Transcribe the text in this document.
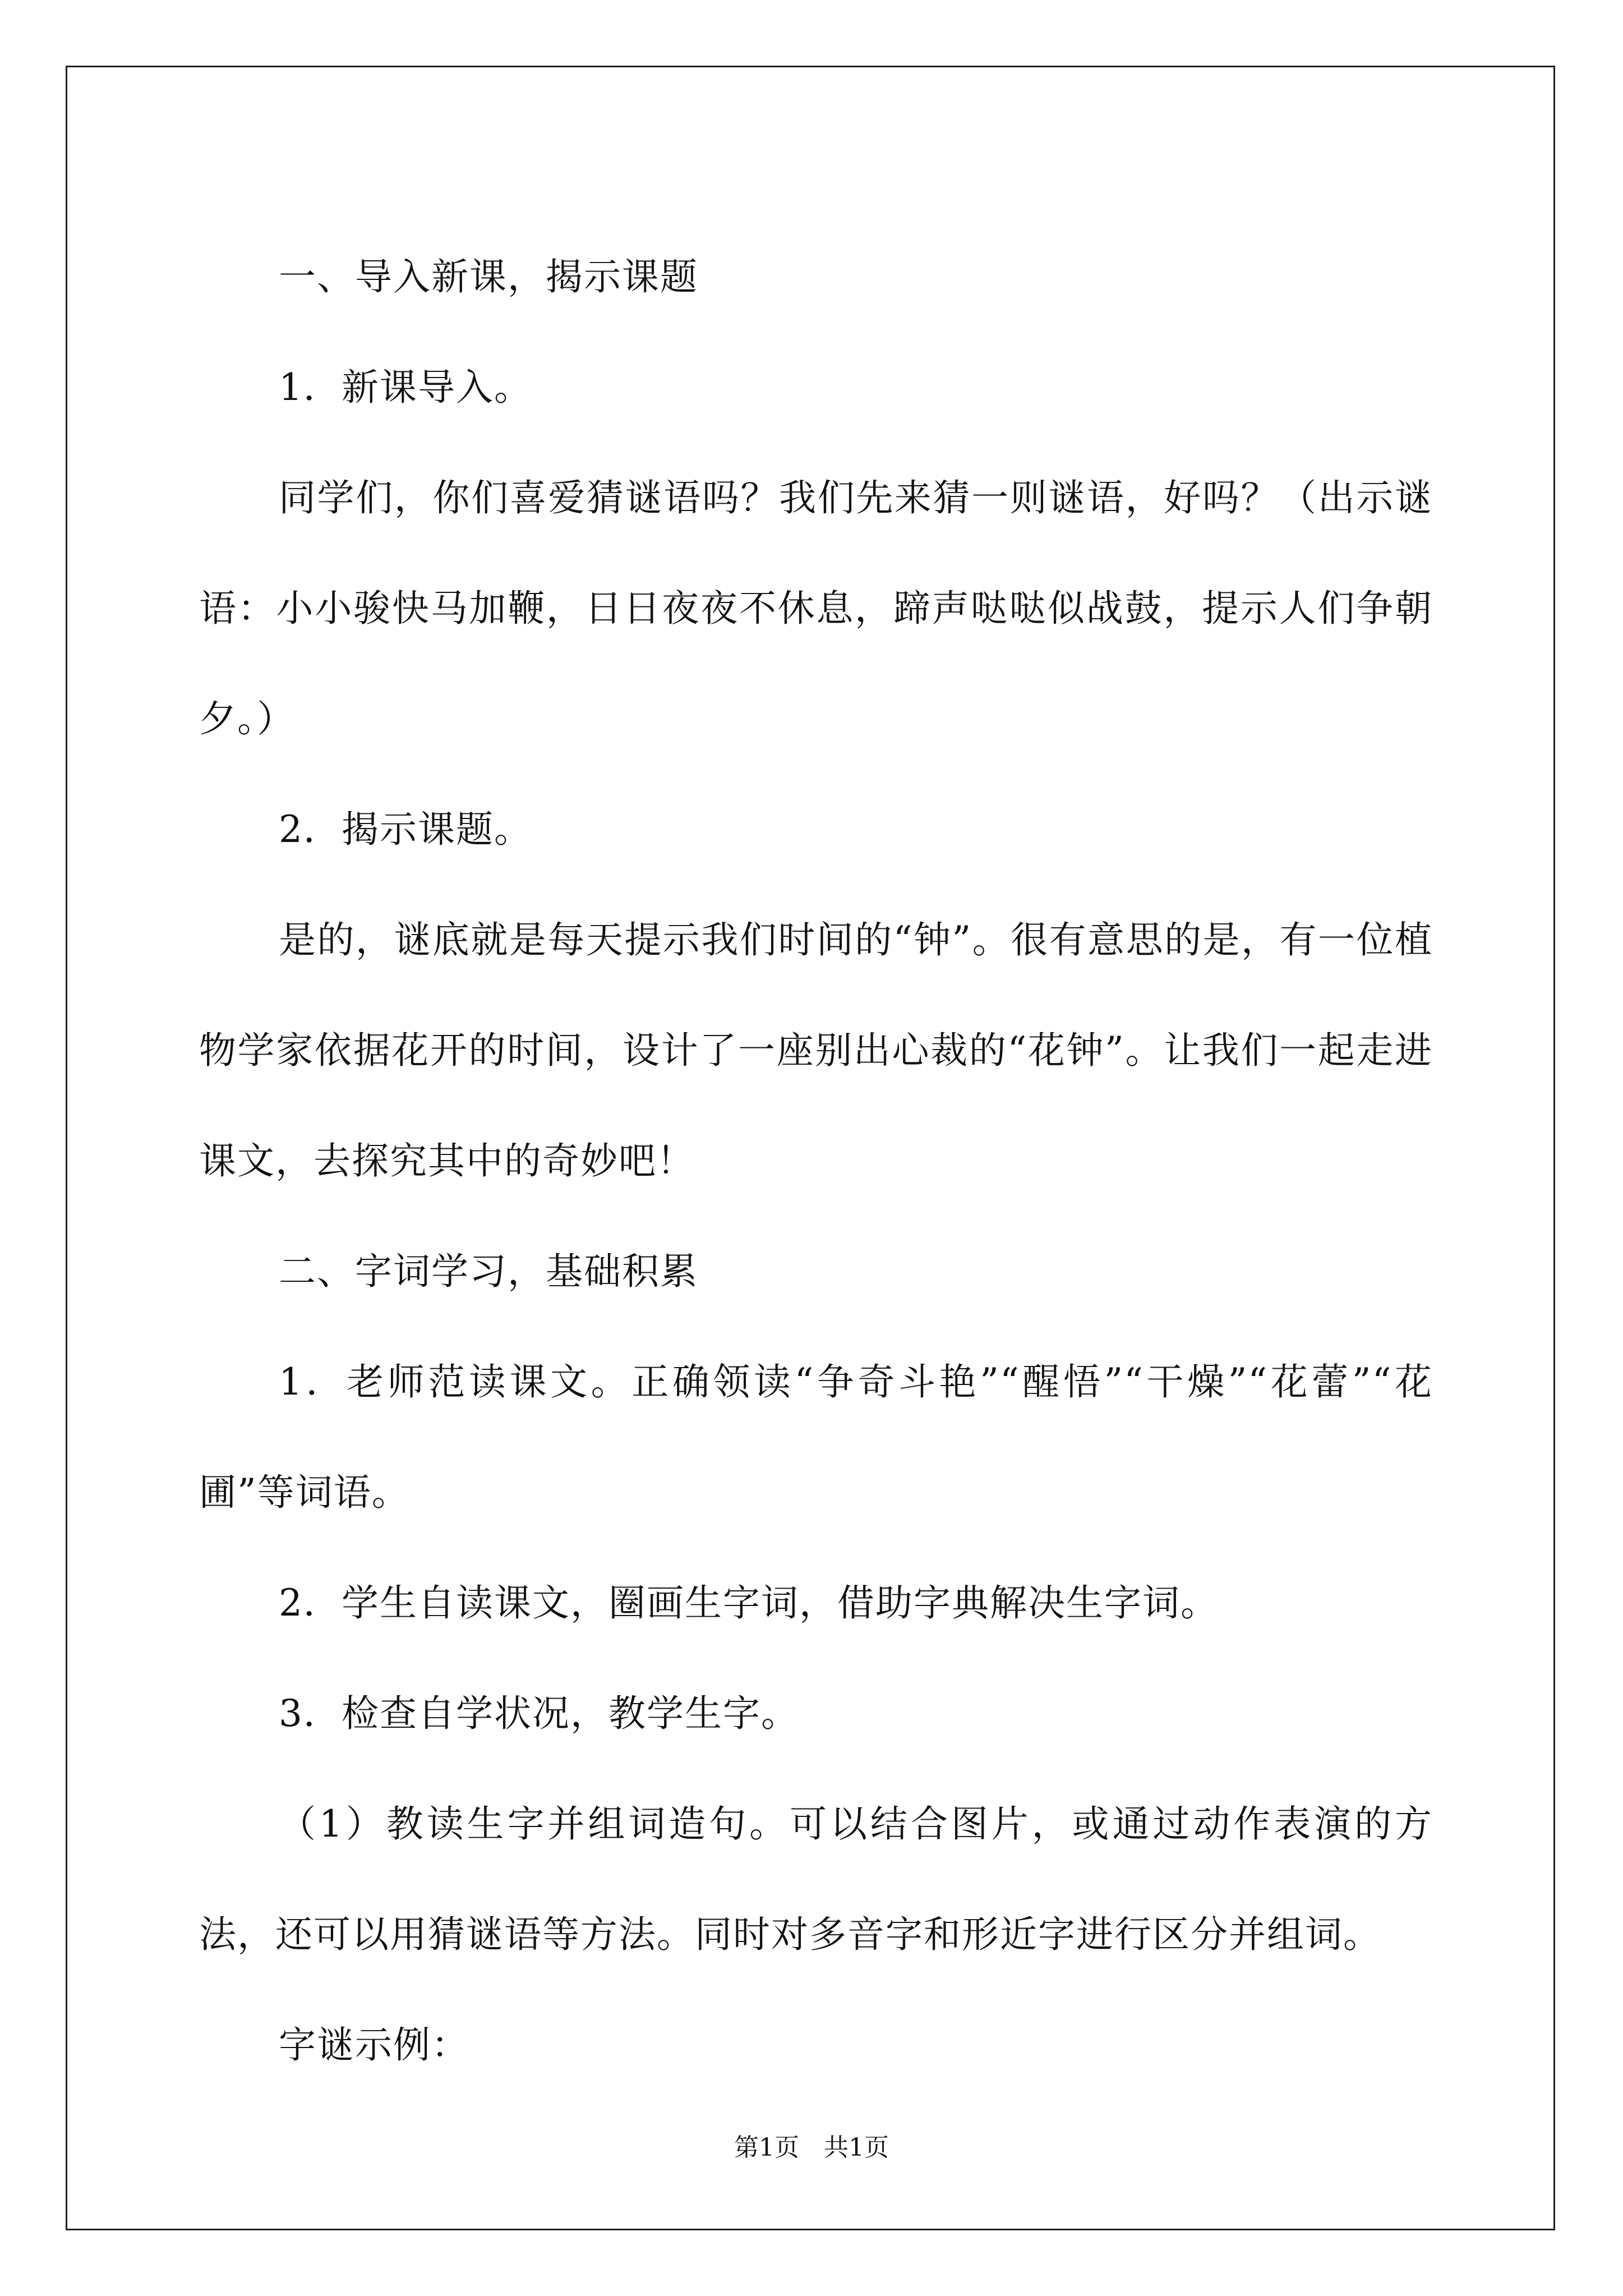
一、导入新课，揭示课题

1．新课导入。

同学们，你们喜爱猜谜语吗？我们先来猜一则谜语，好吗？（出示谜语：小小骏快马加鞭，日日夜夜不休息，蹄声哒哒似战鼓，提示人们争朝夕。）

2．揭示课题。

是的，谜底就是每天提示我们时间的“钟”。很有意思的是，有一位植物学家依据花开的时间，设计了一座别出心裁的“花钟”。让我们一起走进课文，去探究其中的奇妙吧！

二、字词学习，基础积累

1．老师范读课文。正确领读“争奇斗艳”“醒悟”“干燥”“花蕾”“花圃”等词语。

2．学生自读课文，圈画生字词，借助字典解决生字词。

3．检查自学状况，教学生字。

（1）教读生字并组词造句。可以结合图片，或通过动作表演的方法，还可以用猜谜语等方法。同时对多音字和形近字进行区分并组词。

字谜示例：

第1页　共1页
